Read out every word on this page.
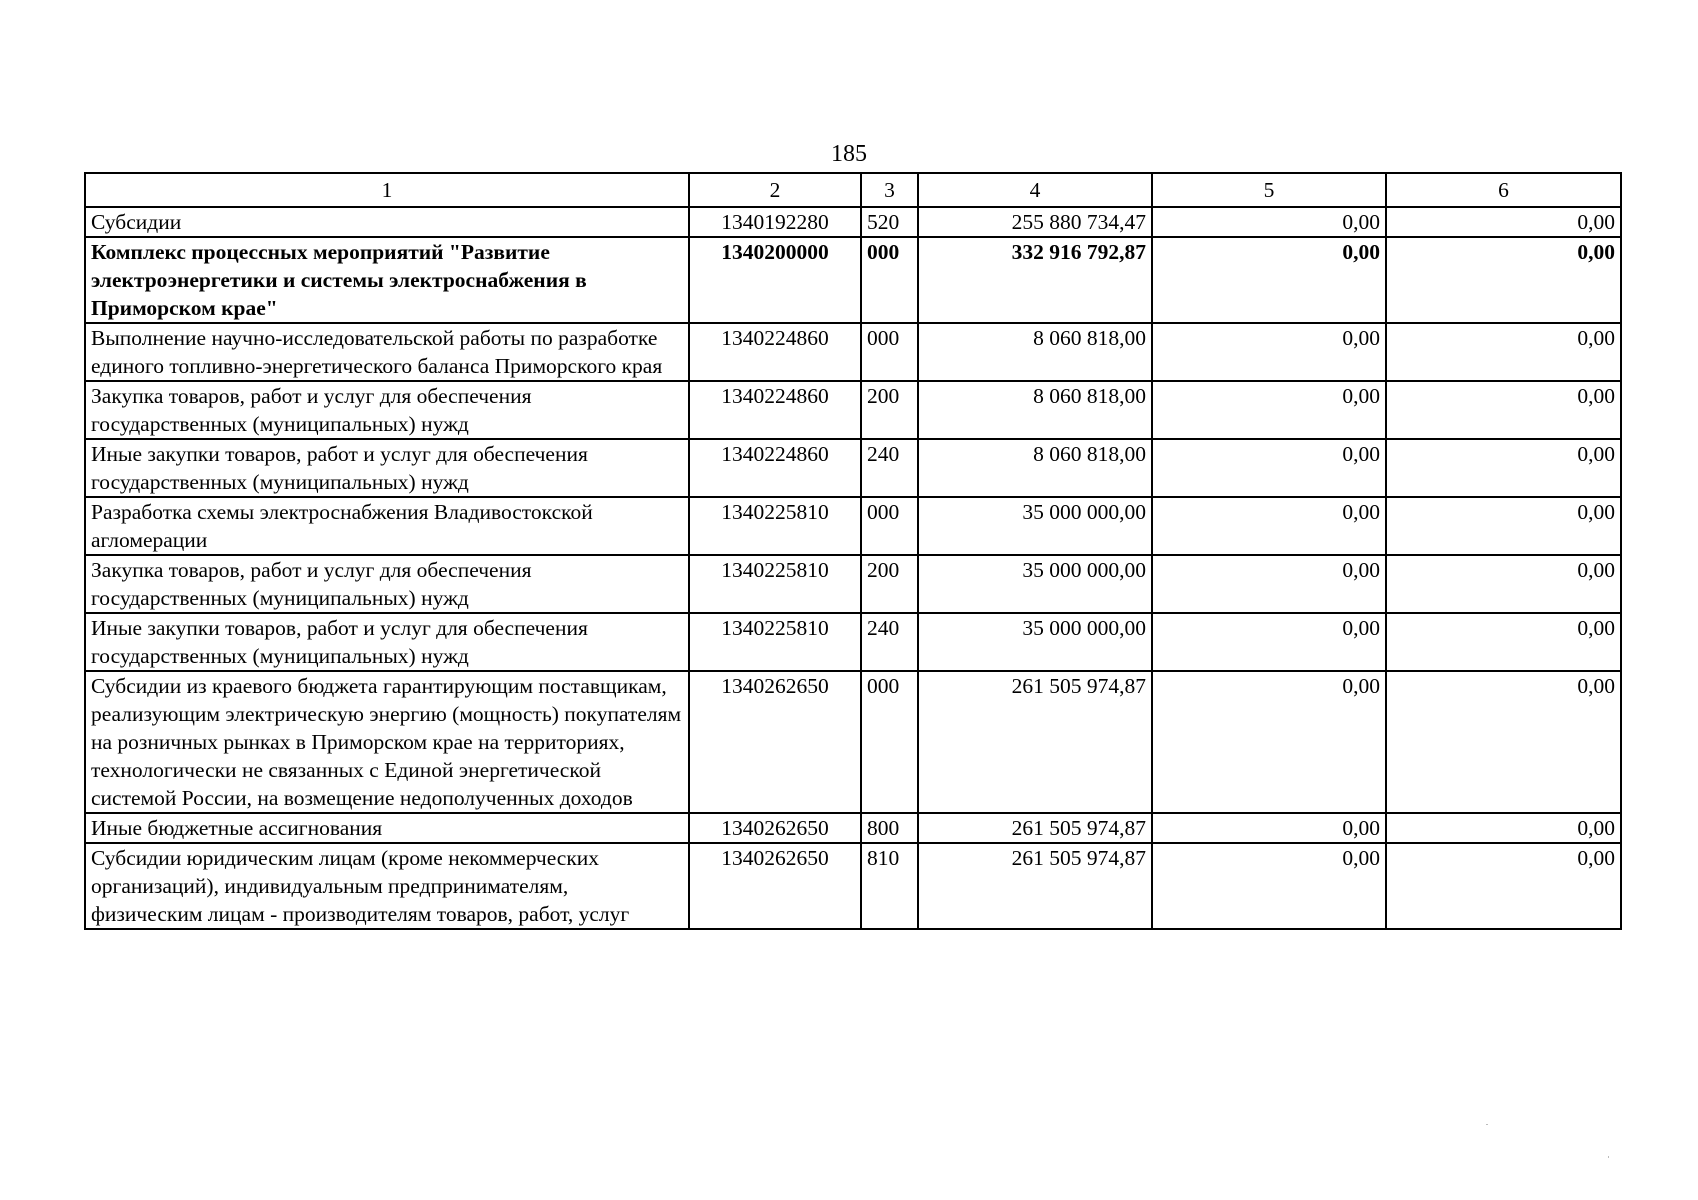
185
1	2	3	4	5	6
Субсидии	1340192280	520	255 880 734,47	0,00	0,00
Комплекс процессных мероприятий "Развитие электроэнергетики и системы электроснабжения в Приморском крае"	1340200000	000	332 916 792,87	0,00	0,00
Выполнение научно-исследовательской работы по разработке единого топливно-энергетического баланса Приморского края	1340224860	000	8 060 818,00	0,00	0,00
Закупка товаров, работ и услуг для обеспечения государственных (муниципальных) нужд	1340224860	200	8 060 818,00	0,00	0,00
Иные закупки товаров, работ и услуг для обеспечения государственных (муниципальных) нужд	1340224860	240	8 060 818,00	0,00	0,00
Разработка схемы электроснабжения Владивостокской агломерации	1340225810	000	35 000 000,00	0,00	0,00
Закупка товаров, работ и услуг для обеспечения государственных (муниципальных) нужд	1340225810	200	35 000 000,00	0,00	0,00
Иные закупки товаров, работ и услуг для обеспечения государственных (муниципальных) нужд	1340225810	240	35 000 000,00	0,00	0,00
Субсидии из краевого бюджета гарантирующим поставщикам, реализующим электрическую энергию (мощность) покупателям на розничных рынках в Приморском крае на территориях, технологически не связанных с Единой энергетической системой России, на возмещение недополученных доходов	1340262650	000	261 505 974,87	0,00	0,00
Иные бюджетные ассигнования	1340262650	800	261 505 974,87	0,00	0,00
Субсидии юридическим лицам (кроме некоммерческих организаций), индивидуальным предпринимателям, физическим лицам - производителям товаров, работ, услуг	1340262650	810	261 505 974,87	0,00	0,00
